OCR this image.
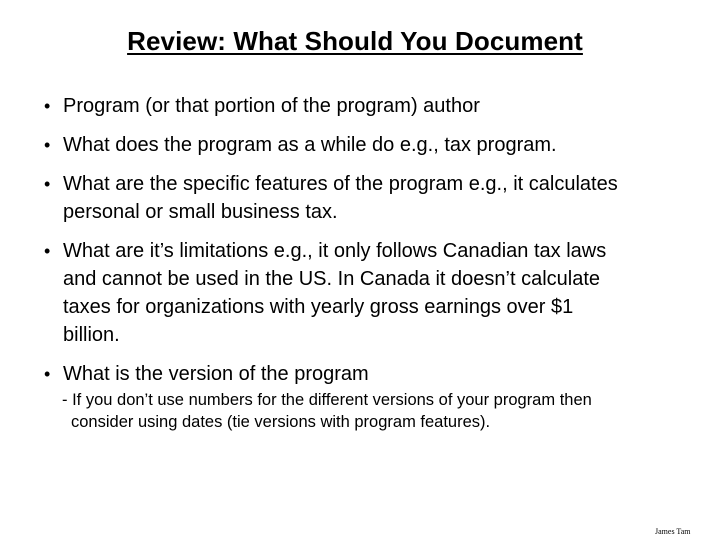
Review: What Should You Document
• Program (or that portion of the program) author
• What does the program as a while do e.g., tax program.
• What are the specific features of the program e.g., it calculates
personal or small business tax.
• What are it’s limitations e.g., it only follows Canadian tax laws
and cannot be used in the US. In Canada it doesn’t calculate
taxes for organizations with yearly gross earnings over $1
billion.
• What is the version of the program
- If you don’t use numbers for the different versions of your program then
consider using dates (tie versions with program features).
James Tam
